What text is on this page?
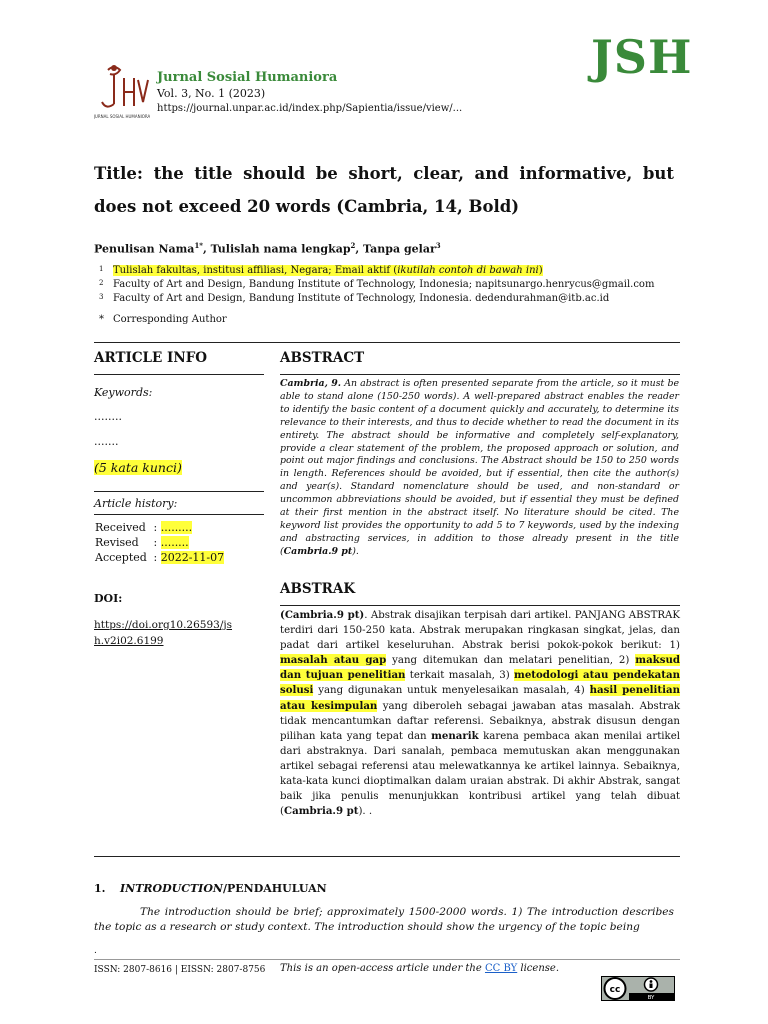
JURNAL SOSIAL HUMANIORA
Jurnal Sosial Humaniora
Vol. 3, No. 1 (2023)
https://journal.unpar.ac.id/index.php/Sapientia/issue/view/...
JSH
Title: the title should be short, clear, and informative, but does not exceed 20 words (Cambria, 14, Bold)
Penulisan Nama$^{1*}$, Tulislah nama lengkap$^2$, Tanpa gelar$^3$
1 Tulislah fakultas, institusi affiliasi, Negara; Email aktif (ikutilah contoh di bawah ini)
2 Faculty of Art and Design, Bandung Institute of Technology, Indonesia; napitsunargo.henrycus@gmail.com
3 Faculty of Art and Design, Bandung Institute of Technology, Indonesia. dedendurahman@itb.ac.id
* Corresponding Author
ARTICLE INFO	ABSTRACT
Keywords:
........
.......
(5 kata kunci)
Article history:
Received : .........
Revised : ........
Accepted : 2022-11-07
DOI:
https://doi.org10.26593/jsh.v2i02.6199
Cambria, 9. An abstract is often presented separate from the article, so it must be able to stand alone (150-250 words). A well-prepared abstract enables the reader to identify the basic content of a document quickly and accurately, to determine its relevance to their interests, and thus to decide whether to read the document in its entirety. The abstract should be informative and completely self-explanatory, provide a clear statement of the problem, the proposed approach or solution, and point out major findings and conclusions. The Abstract should be 150 to 250 words in length. References should be avoided, but if essential, then cite the author(s) and year(s). Standard nomenclature should be used, and non-standard or uncommon abbreviations should be avoided, but if essential they must be defined at their first mention in the abstract itself. No literature should be cited. The keyword list provides the opportunity to add 5 to 7 keywords, used by the indexing and abstracting services, in addition to those already present in the title (Cambria.9 pt).
ABSTRAK
(Cambria.9 pt). Abstrak disajikan terpisah dari artikel. PANJANG ABSTRAK terdiri dari 150-250 kata. Abstrak merupakan ringkasan singkat, jelas, dan padat dari artikel keseluruhan. Abstrak berisi pokok-pokok berikut: 1) masalah atau gap yang ditemukan dan melatari penelitian, 2) maksud dan tujuan penelitian terkait masalah, 3) metodologi atau pendekatan solusi yang digunakan untuk menyelesaikan masalah, 4) hasil penelitian atau kesimpulan yang diberoleh sebagai jawaban atas masalah. Abstrak tidak mencantumkan daftar referensi. Sebaiknya, abstrak disusun dengan pilihan kata yang tepat dan menarik karena pembaca akan menilai artikel dari abstraknya. Dari sanalah, pembaca memutuskan akan menggunakan artikel sebagai referensi atau melewatkannya ke artikel lainnya. Sebaiknya, kata-kata kunci dioptimalkan dalam uraian abstrak. Di akhir Abstrak, sangat baik jika penulis menunjukkan kontribusi artikel yang telah dibuat (Cambria.9 pt). .
1. INTRODUCTION/PENDAHULUAN
The introduction should be brief; approximately 1500-2000 words. 1) The introduction describes the topic as a research or study context. The introduction should show the urgency of the topic being
.
ISSN: 2807-8616 | EISSN: 2807-8756 This is an open-access article under the CC BY license.
cc
BY
